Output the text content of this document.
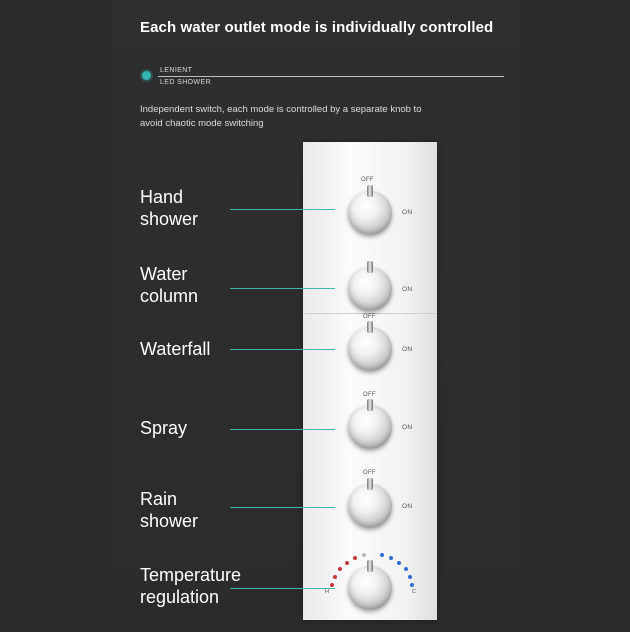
Each water outlet mode is individually controlled
LENIENT
LED SHOWER
Independent switch, each mode is controlled by a separate knob to
avoid chaotic mode switching
Hand
shower
OFF
ON
Water
column	ON
Waterfall
OFF
ON
Spray
OFF
ON
Rain
shower
OFF
ON
Temperature
regulation	H	C
